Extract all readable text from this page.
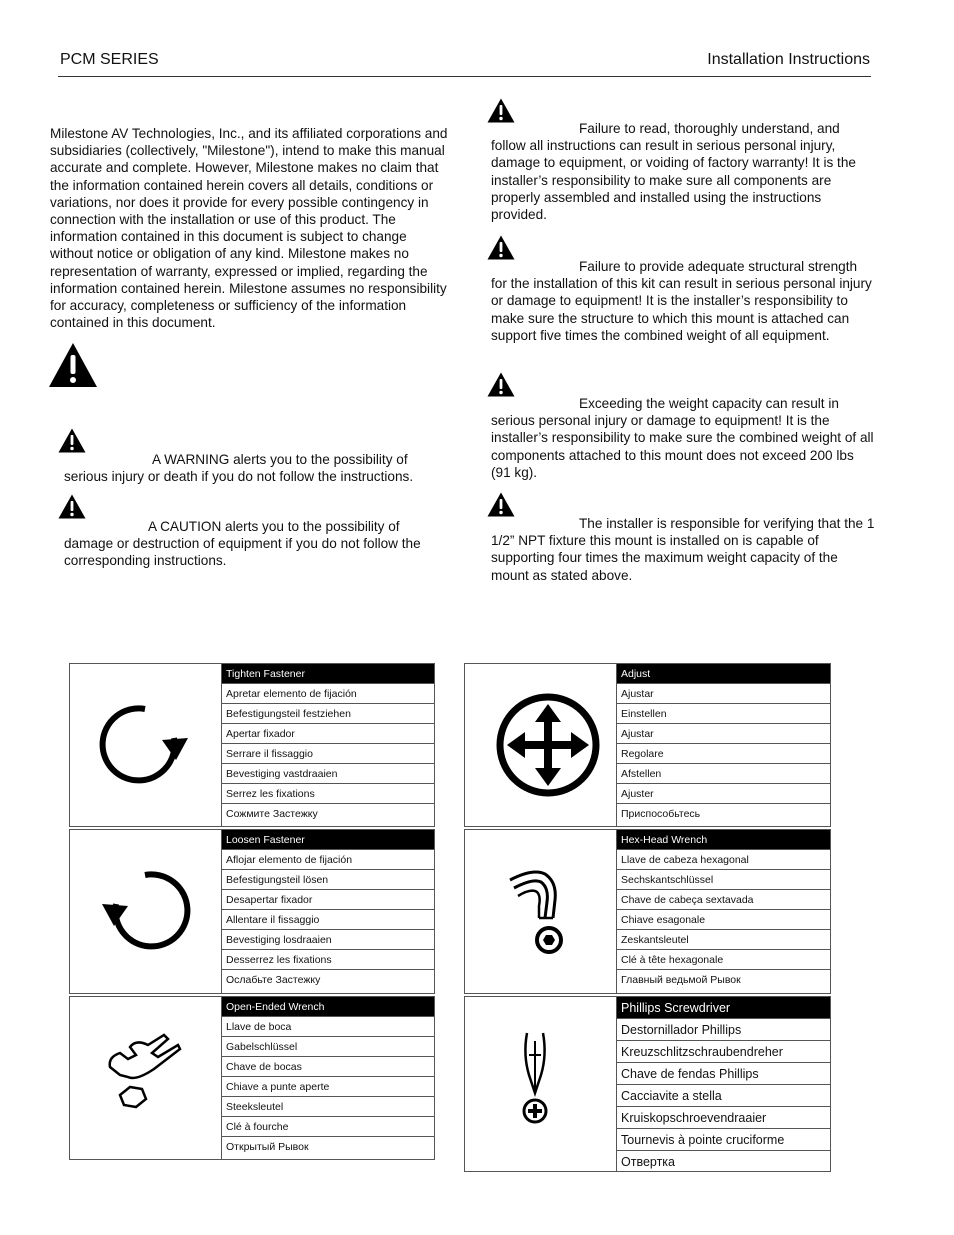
PCM SERIES	Installation Instructions

Milestone AV Technologies, Inc., and its affiliated corporations and subsidiaries (collectively, "Milestone"), intend to make this manual accurate and complete. However, Milestone makes no claim that the information contained herein covers all details, conditions or variations, nor does it provide for every possible contingency in connection with the installation or use of this product. The information contained in this document is subject to change without notice or obligation of any kind. Milestone makes no representation of warranty, expressed or implied, regarding the information contained herein. Milestone assumes no responsibility for accuracy, completeness or sufficiency of the information contained in this document.

A WARNING alerts you to the possibility of serious injury or death if you do not follow the instructions.

A CAUTION alerts you to the possibility of damage or destruction of equipment if you do not follow the corresponding instructions.

Failure to read, thoroughly understand, and follow all instructions can result in serious personal injury, damage to equipment, or voiding of factory warranty! It is the installer’s responsibility to make sure all components are properly assembled and installed using the instructions provided.

Failure to provide adequate structural strength for the installation of this kit can result in serious personal injury or damage to equipment! It is the installer’s responsibility to make sure the structure to which this mount is attached can support five times the combined weight of all equipment.

Exceeding the weight capacity can result in serious personal injury or damage to equipment! It is the installer’s responsibility to make sure the combined weight of all components attached to this mount does not exceed 200 lbs (91 kg).

The installer is responsible for verifying that the 1 1/2” NPT fixture this mount is installed on is capable of supporting four times the maximum weight capacity of the mount as stated above.

Tighten Fastener
Apretar elemento de fijación
Befestigungsteil festziehen
Apertar fixador
Serrare il fissaggio
Bevestiging vastdraaien
Serrez les fixations
Сожмите Застежку
Adjust
Ajustar
Einstellen
Ajustar
Regolare
Afstellen
Ajuster
Приспособьтесь
Loosen Fastener
Aflojar elemento de fijación
Befestigungsteil lösen
Desapertar fixador
Allentare il fissaggio
Bevestiging losdraaien
Desserrez les fixations
Ослабьте Застежку
Hex-Head Wrench
Llave de cabeza hexagonal
Sechskantschlüssel
Chave de cabeça sextavada
Chiave esagonale
Zeskantsleutel
Clé à tête hexagonale
Главный ведьмой Рывок
Open-Ended Wrench
Llave de boca
Gabelschlüssel
Chave de bocas
Chiave a punte aperte
Steeksleutel
Clé à fourche
Открытый Рывок
Phillips Screwdriver
Destornillador Phillips
Kreuzschlitzschraubendreher
Chave de fendas Phillips
Cacciavite a stella
Kruiskopschroevendraaier
Tournevis à pointe cruciforme
Отвертка
